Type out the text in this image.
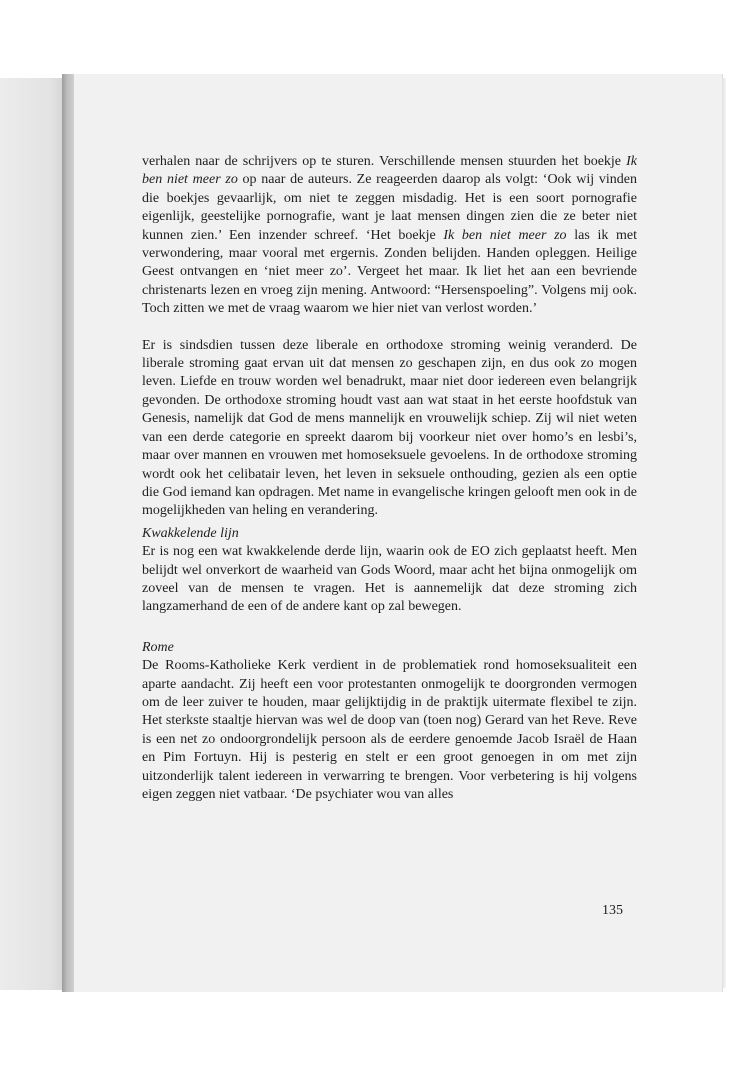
verhalen naar de schrijvers op te sturen. Verschillende mensen stuurden het boekje Ik ben niet meer zo op naar de auteurs. Ze reageerden daarop als volgt: ‘Ook wij vinden die boekjes gevaarlijk, om niet te zeggen misdadig. Het is een soort pornografie eigenlijk, geestelijke pornografie, want je laat mensen dingen zien die ze beter niet kunnen zien.’ Een inzender schreef. ‘Het boekje Ik ben niet meer zo las ik met verwondering, maar vooral met ergernis. Zonden belijden. Handen opleggen. Heilige Geest ontvangen en ‘niet meer zo’. Vergeet het maar. Ik liet het aan een bevriende christenarts lezen en vroeg zijn mening. Antwoord: “Hersenspoeling”. Volgens mij ook. Toch zitten we met de vraag waarom we hier niet van verlost worden.’

Er is sindsdien tussen deze liberale en orthodoxe stroming weinig veranderd. De liberale stroming gaat ervan uit dat mensen zo geschapen zijn, en dus ook zo mogen leven. Liefde en trouw worden wel benadrukt, maar niet door iedereen even belangrijk gevonden. De orthodoxe stroming houdt vast aan wat staat in het eerste hoofdstuk van Genesis, namelijk dat God de mens mannelijk en vrouwelijk schiep. Zij wil niet weten van een derde categorie en spreekt daarom bij voorkeur niet over homo’s en lesbi’s, maar over mannen en vrouwen met homoseksuele gevoelens. In de orthodoxe stroming wordt ook het celibatair leven, het leven in seksuele onthouding, gezien als een optie die God iemand kan opdragen. Met name in evangelische kringen gelooft men ook in de mogelijkheden van heling en verandering.

Kwakkelende lijn

Er is nog een wat kwakkelende derde lijn, waarin ook de EO zich geplaatst heeft. Men belijdt wel onverkort de waarheid van Gods Woord, maar acht het bijna onmogelijk om zoveel van de mensen te vragen. Het is aannemelijk dat deze stroming zich langzamerhand de een of de andere kant op zal bewegen.

Rome

De Rooms-Katholieke Kerk verdient in de problematiek rond homoseksualiteit een aparte aandacht. Zij heeft een voor protestanten onmogelijk te doorgronden vermogen om de leer zuiver te houden, maar gelijktijdig in de praktijk uitermate flexibel te zijn. Het sterkste staaltje hiervan was wel de doop van (toen nog) Gerard van het Reve. Reve is een net zo ondoorgrondelijk persoon als de eerdere genoemde Jacob Israël de Haan en Pim Fortuyn. Hij is pesterig en stelt er een groot genoegen in om met zijn uitzonderlijk talent iedereen in verwarring te brengen. Voor verbetering is hij volgens eigen zeggen niet vatbaar. ‘De psychiater wou van alles

135
